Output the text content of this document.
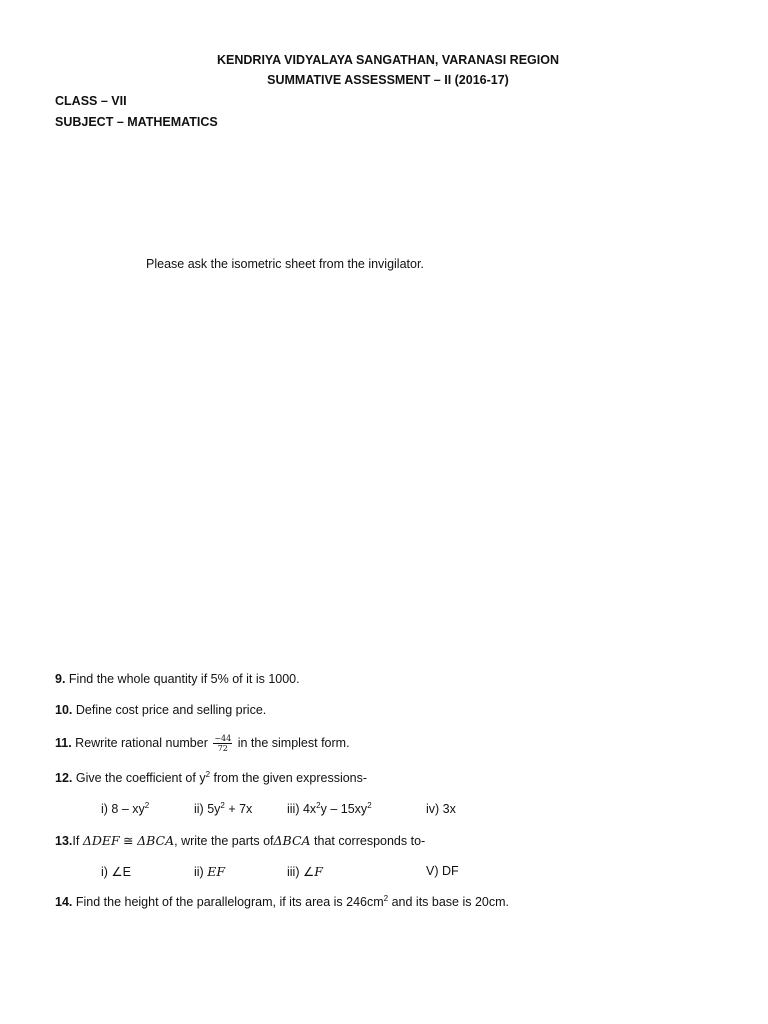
KENDRIYA VIDYALAYA SANGATHAN, VARANASI REGION
SUMMATIVE ASSESSMENT – II (2016-17)
CLASS – VII
SUBJECT – MATHEMATICS
Please ask the isometric sheet from the invigilator.
9. Find the whole quantity if 5% of it is 1000.
10. Define cost price and selling price.
11. Rewrite rational number $\frac{-44}{72}$ in the simplest form.
12. Give the coefficient of $y^2$ from the given expressions-
i) $8 - xy^2$	ii) $5y^2 + 7x$	iii) $4x^2y - 15xy^2$	iv) 3x
13.If ΔDEF ≅ ΔBCA, write the parts ofΔBCA that corresponds to-
i) ∠E	ii) EF	iii) ∠F	V) DF
14. Find the height of the parallelogram, if its area is $246cm^2$ and its base is 20cm.
